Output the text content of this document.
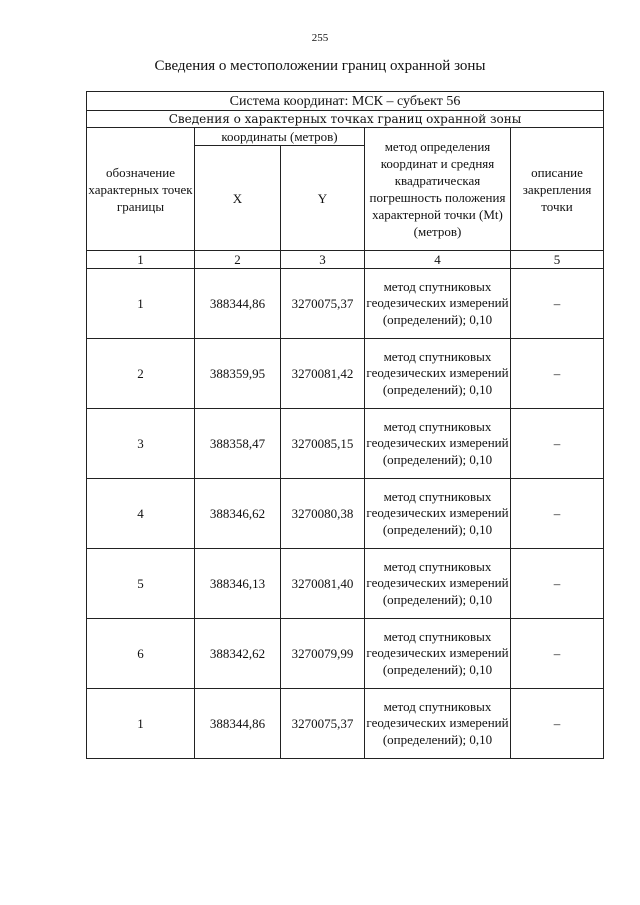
255
Сведения о местоположении границ охранной зоны
Система координат: МСК – субъект 56				
Сведения о характерных точках границ охранной зоны				
обозначение характерных точек границы	координаты (метров)		метод определения координат и средняя квадратическая погрешность положения характерной точки (Mt) (метров)	описание закрепления точки
	X	Y		
1	2	3	4	5
1	388344,86	3270075,37	метод спутниковых геодезических измерений (определений); 0,10	–
2	388359,95	3270081,42	метод спутниковых геодезических измерений (определений); 0,10	–
3	388358,47	3270085,15	метод спутниковых геодезических измерений (определений); 0,10	–
4	388346,62	3270080,38	метод спутниковых геодезических измерений (определений); 0,10	–
5	388346,13	3270081,40	метод спутниковых геодезических измерений (определений); 0,10	–
6	388342,62	3270079,99	метод спутниковых геодезических измерений (определений); 0,10	–
1	388344,86	3270075,37	метод спутниковых геодезических измерений (определений); 0,10	–
